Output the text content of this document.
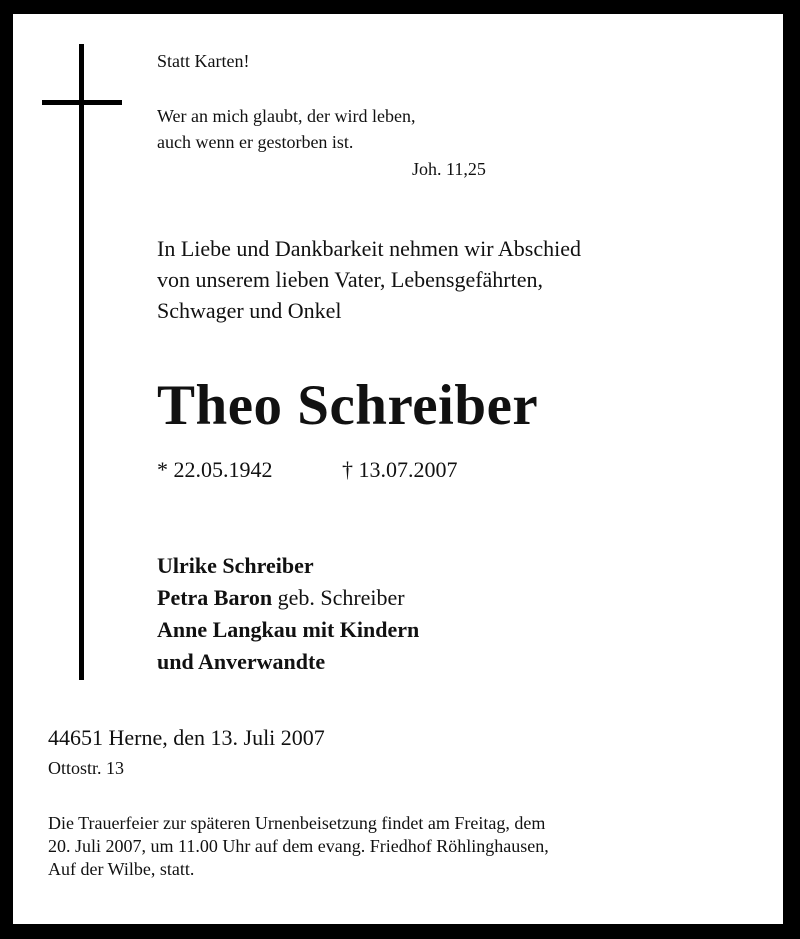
Statt Karten!
Wer an mich glaubt, der wird leben,
auch wenn er gestorben ist.
Joh. 11,25
In Liebe und Dankbarkeit nehmen wir Abschied
von unserem lieben Vater, Lebensgefährten,
Schwager und Onkel
Theo Schreiber
* 22.05.1942	† 13.07.2007
Ulrike Schreiber
Petra Baron geb. Schreiber
Anne Langkau mit Kindern
und Anverwandte
44651 Herne, den 13. Juli 2007
Ottostr. 13
Die Trauerfeier zur späteren Urnenbeisetzung findet am Freitag, dem
20. Juli 2007, um 11.00 Uhr auf dem evang. Friedhof Röhlinghausen,
Auf der Wilbe, statt.
